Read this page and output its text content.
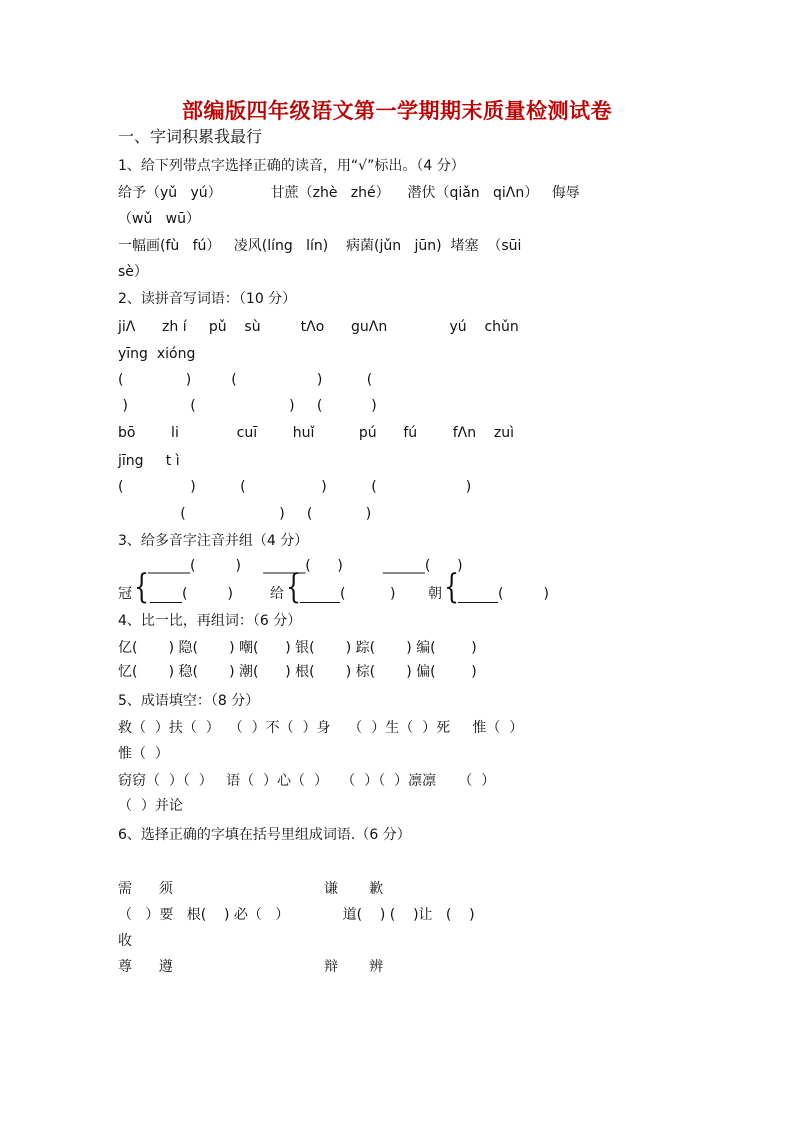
部编版四年级语文第一学期期末质量检测试卷
一、字词积累我最行
1、给下列带点字选择正确的读音，用“√”标出。（4 分）
给予（yǔ   yú）           甘蔗（zhè   zhé）    潜伏（qiǎn   qiɅn）   侮辱
（wǔ   wū）
一幅画(fù   fú）   凌风(líng   lín)    病菌(jǔn   jūn)  堵塞  （sūi
sè）
2、读拼音写词语：（10 分）
jiɅ      zh í     pǔ    sù         tɅo      guɅn              yú    chǔn
yīng  xióng
(              )         (                  )          (
)              (                     )     (           )
bō        li             cuī        huǐ          pú      fú        fɅn    zuì
jīng     t ì
(               )          (                 )          (                    )
(                     )     (            )
3、给多音字注音并组（4 分）
______(         )     ______(      )         ______(      )
冠 {	(         )	给 {	(          ) 朝 {	(         )
4、比一比，再组词：（6 分）
亿(       ) 隐(       ) 嘲(      ) 银(       ) 踪(       ) 编(        )
忆(       ) 稳(       ) 潮(      ) 根(       ) 棕(       ) 偏(        )
5、成语填空：（8 分）
救（  ）扶（  ）  （  ）不（  ）身    （  ）生（  ）死     惟（  ）
惟（  ）
窃窃（  ）（  ）   语（  ）心（  ）   （  ）（  ）凛凛     （  ）
（  ）并论
6、选择正确的字填在括号里组成词语.（6 分）
需      须                                  谦       歉
（   ）要   根(    ) 必（   ）            道(    ) (    )让   (    )
收
尊      遵                                  辩       辨
